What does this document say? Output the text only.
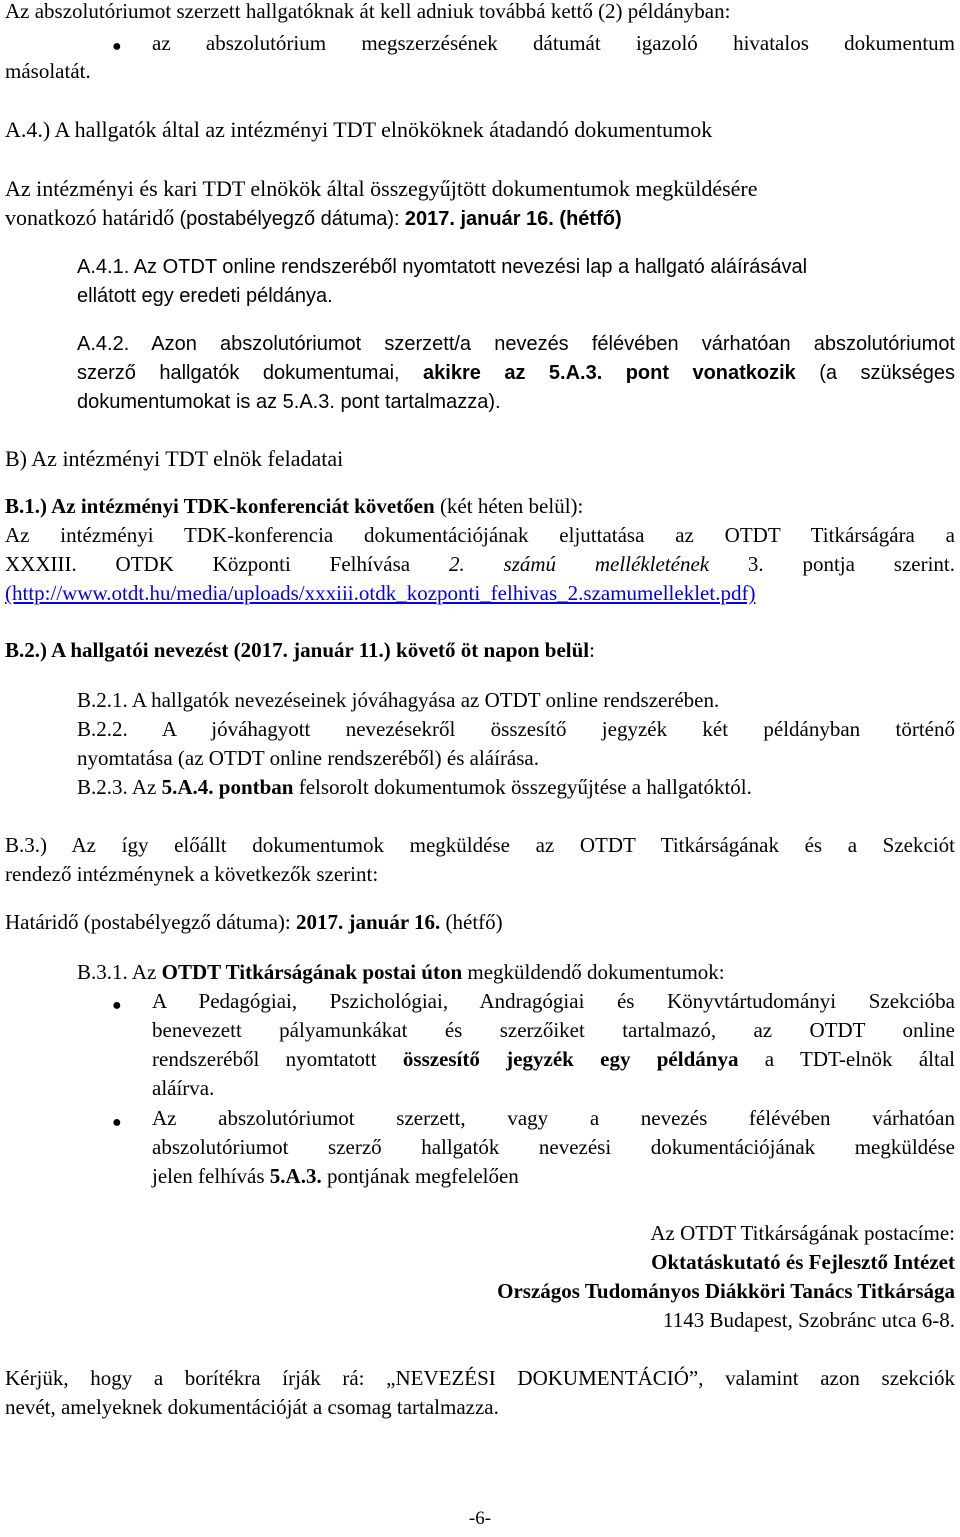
Az abszolutóriumot szerzett hallgatóknak át kell adniuk továbbá kettő (2) példányban:
● az abszolutórium megszerzésének dátumát igazoló hivatalos dokumentum
másolatát.
A.4.) A hallgatók által az intézményi TDT elnököknek átadandó dokumentumok
Az intézményi és kari TDT elnökök által összegyűjtött dokumentumok megküldésére
vonatkozó határidő (postabélyegző dátuma): 2017. január 16. (hétfő)
A.4.1. Az OTDT online rendszeréből nyomtatott nevezési lap a hallgató aláírásával
ellátott egy eredeti példánya.
A.4.2. Azon abszolutóriumot szerzett/a nevezés félévében várhatóan abszolutóriumot
szerző hallgatók dokumentumai, akikre az 5.A.3. pont vonatkozik (a szükséges
dokumentumokat is az 5.A.3. pont tartalmazza).
B) Az intézményi TDT elnök feladatai
B.1.) Az intézményi TDK-konferenciát követően (két héten belül):
Az intézményi TDK-konferencia dokumentációjának eljuttatása az OTDT Titkárságára a
XXXIII. OTDK Központi Felhívása 2. számú mellékletének 3. pontja szerint.
(http://www.otdt.hu/media/uploads/xxxiii.otdk_kozponti_felhivas_2.szamumelleklet.pdf)
B.2.) A hallgatói nevezést (2017. január 11.) követő öt napon belül:
B.2.1. A hallgatók nevezéseinek jóváhagyása az OTDT online rendszerében.
B.2.2. A jóváhagyott nevezésekről összesítő jegyzék két példányban történő
nyomtatása (az OTDT online rendszeréből) és aláírása.
B.2.3. Az 5.A.4. pontban felsorolt dokumentumok összegyűjtése a hallgatóktól.
B.3.) Az így előállt dokumentumok megküldése az OTDT Titkárságának és a Szekciót
rendező intézménynek a következők szerint:
Határidő (postabélyegző dátuma): 2017. január 16. (hétfő)
B.3.1. Az OTDT Titkárságának postai úton megküldendő dokumentumok:
● A Pedagógiai, Pszichológiai, Andragógiai és Könyvtártudományi Szekcióba
benevezett pályamunkákat és szerzőiket tartalmazó, az OTDT online
rendszeréből nyomtatott összesítő jegyzék egy példánya a TDT-elnök által
aláírva.
● Az abszolutóriumot szerzett, vagy a nevezés félévében várhatóan
abszolutóriumot szerző hallgatók nevezési dokumentációjának megküldése
jelen felhívás 5.A.3. pontjának megfelelően
Az OTDT Titkárságának postacíme:
Oktatáskutató és Fejlesztő Intézet
Országos Tudományos Diákköri Tanács Titkársága
1143 Budapest, Szobránc utca 6-8.
Kérjük, hogy a borítékra írják rá: „NEVEZÉSI DOKUMENTÁCIÓ”, valamint azon szekciók
nevét, amelyeknek dokumentációját a csomag tartalmazza.
-6-
